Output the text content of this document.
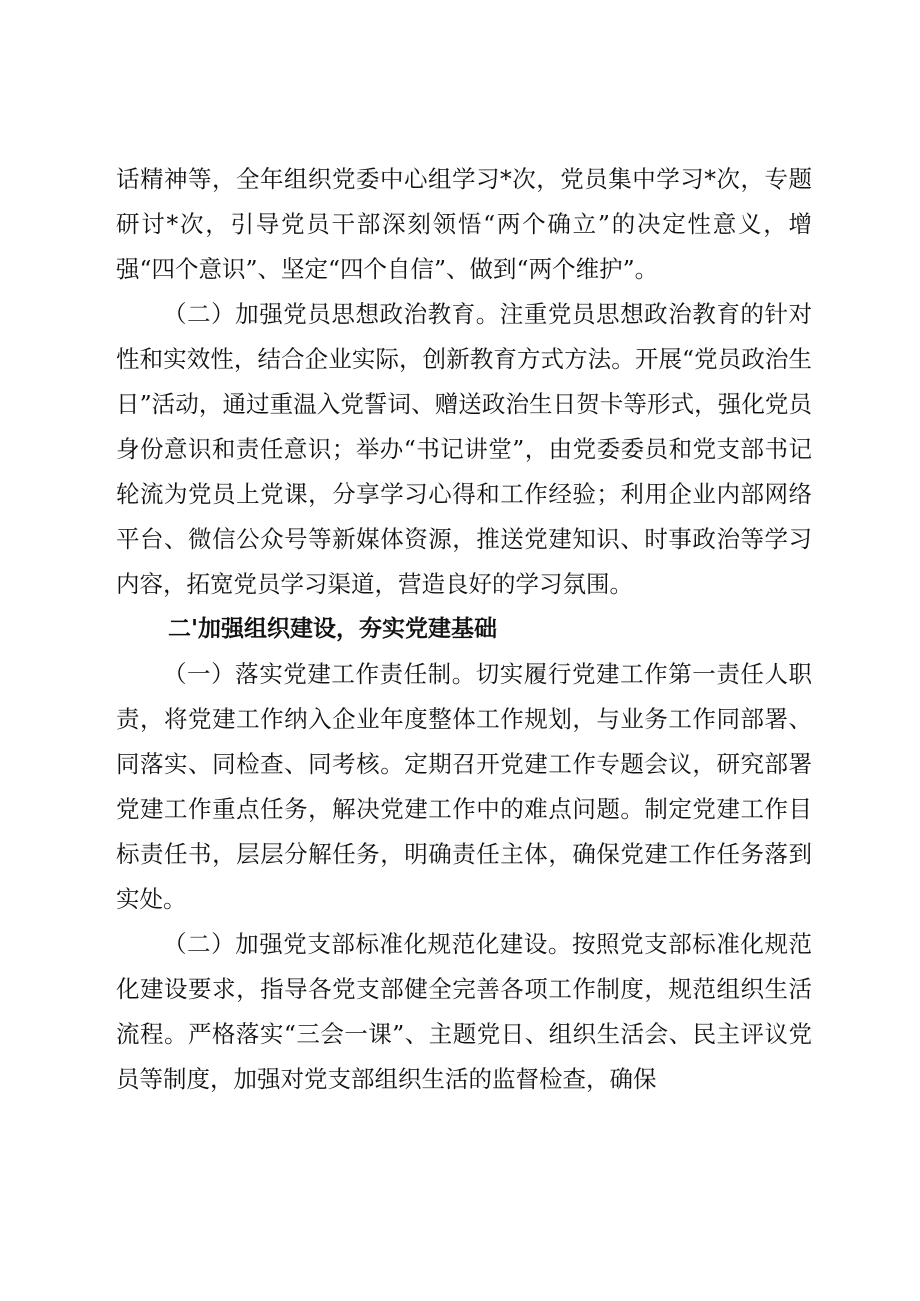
话精神等，全年组织党委中心组学习*次，党员集中学习*次，专题研讨*次，引导党员干部深刻领悟“两个确立”的决定性意义，增强“四个意识”、坚定“四个自信”、做到“两个维护”。

（二）加强党员思想政治教育。注重党员思想政治教育的针对性和实效性，结合企业实际，创新教育方式方法。开展“党员政治生日”活动，通过重温入党誓词、赠送政治生日贺卡等形式，强化党员身份意识和责任意识；举办“书记讲堂”，由党委委员和党支部书记轮流为党员上党课，分享学习心得和工作经验；利用企业内部网络平台、微信公众号等新媒体资源，推送党建知识、时事政治等学习内容，拓宽党员学习渠道，营造良好的学习氛围。

二'加强组织建设，夯实党建基础

（一）落实党建工作责任制。切实履行党建工作第一责任人职责，将党建工作纳入企业年度整体工作规划，与业务工作同部署、同落实、同检查、同考核。定期召开党建工作专题会议，研究部署党建工作重点任务，解决党建工作中的难点问题。制定党建工作目标责任书，层层分解任务，明确责任主体，确保党建工作任务落到实处。

（二）加强党支部标准化规范化建设。按照党支部标准化规范化建设要求，指导各党支部健全完善各项工作制度，规范组织生活流程。严格落实“三会一课”、主题党日、组织生活会、民主评议党员等制度，加强对党支部组织生活的监督检查，确保
